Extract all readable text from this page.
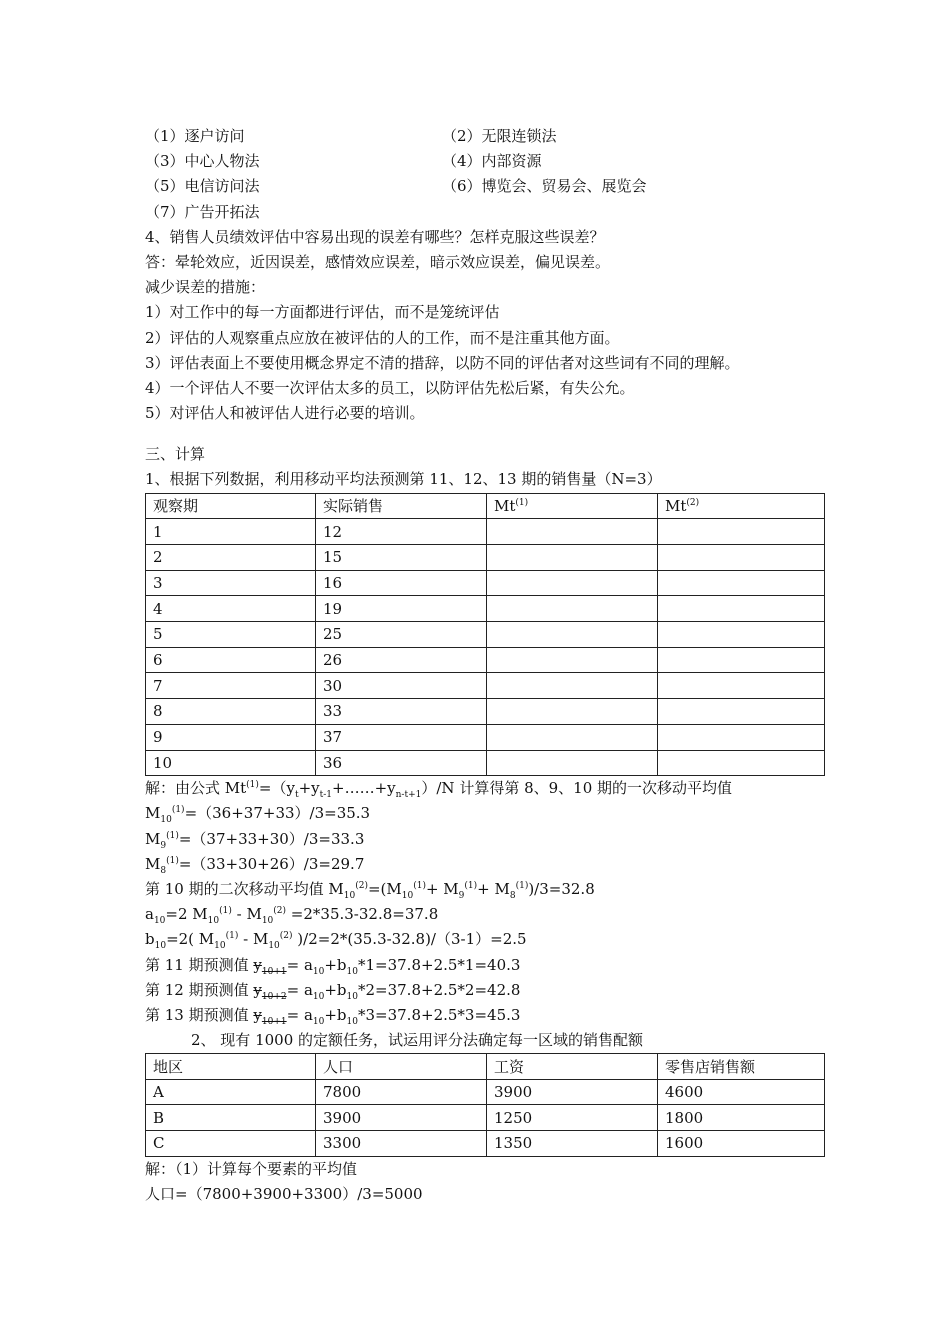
（1）逐户访问	（2）无限连锁法
（3）中心人物法	（4）内部资源
（5）电信访问法	（6）博览会、贸易会、展览会
（7）广告开拓法
4、销售人员绩效评估中容易出现的误差有哪些？怎样克服这些误差？
答：晕轮效应，近因误差，感情效应误差，暗示效应误差，偏见误差。
减少误差的措施：
1）对工作中的每一方面都进行评估，而不是笼统评估
2）评估的人观察重点应放在被评估的人的工作，而不是注重其他方面。
3）评估表面上不要使用概念界定不清的措辞，以防不同的评估者对这些词有不同的理解。
4）一个评估人不要一次评估太多的员工，以防评估先松后紧，有失公允。
5）对评估人和被评估人进行必要的培训。
三、计算
1、根据下列数据，利用移动平均法预测第 11、12、13 期的销售量（N=3）
观察期	实际销售	Mt$^{(1)}$	Mt$^{(2)}$
1	12		
2	15		
3	16		
4	19		
5	25		
6	26		
7	30		
8	33		
9	37		
10	36		
解：由公式 $Mt^{(1)}=(y_t+y_{t-1}+\dots\dots+y_{n-t+1})/N$ 计算得第 8、9、10 期的一次移动平均值
$M_{10}^{(1)}=(36+37+33)/3=35.3$
$M_9^{(1)}=(37+33+30)/3=33.3$
$M_8^{(1)}=(33+30+26)/3=29.7$
第 10 期的二次移动平均值 $M_{10}^{(2)}=(M_{10}^{(1)}+ M_9^{(1)}+ M_8^{(1)})/3=32.8$
$a_{10}=2$ $M_{10}^{(1)} - M_{10}^{(2)} =2*35.3-32.8=37.8$
$b_{10}=2$( $M_{10}^{(1)} - M_{10}^{(2)}$ )/2=2*(35.3-32.8)/（3-1）=2.5
第 11 期预测值 $y_{10+1}= a_{10}+b_{10}*1=37.8+2.5*1=40.3$
第 12 期预测值 $y_{10+2}= a_{10}+b_{10}*2=37.8+2.5*2=42.8$
第 13 期预测值 $y_{10+1}= a_{10}+b_{10}*3=37.8+2.5*3=45.3$
2、 现有 1000 的定额任务，试运用评分法确定每一区域的销售配额
地区	人口	工资	零售店销售额
A	7800	3900	4600
B	3900	1250	1800
C	3300	1350	1600
解：（1）计算每个要素的平均值
人口=（7800+3900+3300）/3=5000
